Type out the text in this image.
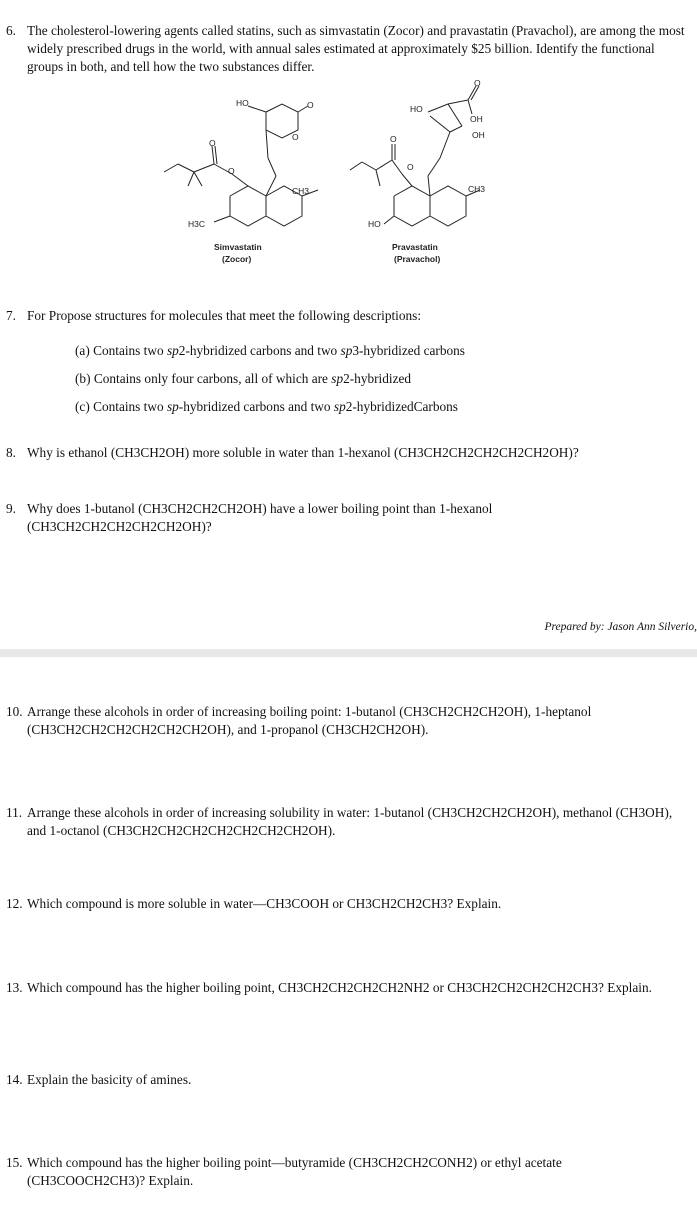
6. The cholesterol-lowering agents called statins, such as simvastatin (Zocor) and pravastatin (Pravachol), are among the most widely prescribed drugs in the world, with annual sales estimated at approximately $25 billion. Identify the functional groups in both, and tell how the two substances differ.
HO	O
O
O
O
CH3
H3C
Simvastatin
(Zocor)
HO
O
OH
OH
O
O
CH3
HO
Pravastatin
(Pravachol)
7. For Propose structures for molecules that meet the following descriptions:
(a) Contains two sp2-hybridized carbons and two sp3-hybridized carbons
(b) Contains only four carbons, all of which are sp2-hybridized
(c) Contains two sp-hybridized carbons and two sp2-hybridizedCarbons
8. Why is ethanol (CH3CH2OH) more soluble in water than 1-hexanol (CH3CH2CH2CH2CH2CH2OH)?
9. Why does 1-butanol (CH3CH2CH2CH2OH) have a lower boiling point than 1-hexanol (CH3CH2CH2CH2CH2CH2OH)?
Prepared by: Jason Ann Silverio,
10. Arrange these alcohols in order of increasing boiling point: 1-butanol (CH3CH2CH2CH2OH), 1-heptanol (CH3CH2CH2CH2CH2CH2CH2OH), and 1-propanol (CH3CH2CH2OH).
11. Arrange these alcohols in order of increasing solubility in water: 1-butanol (CH3CH2CH2CH2OH), methanol (CH3OH), and 1-octanol (CH3CH2CH2CH2CH2CH2CH2CH2OH).
12. Which compound is more soluble in water—CH3COOH or CH3CH2CH2CH3? Explain.
13. Which compound has the higher boiling point, CH3CH2CH2CH2CH2NH2 or CH3CH2CH2CH2CH2CH3? Explain.
14. Explain the basicity of amines.
15. Which compound has the higher boiling point—butyramide (CH3CH2CH2CONH2) or ethyl acetate (CH3COOCH2CH3)? Explain.
